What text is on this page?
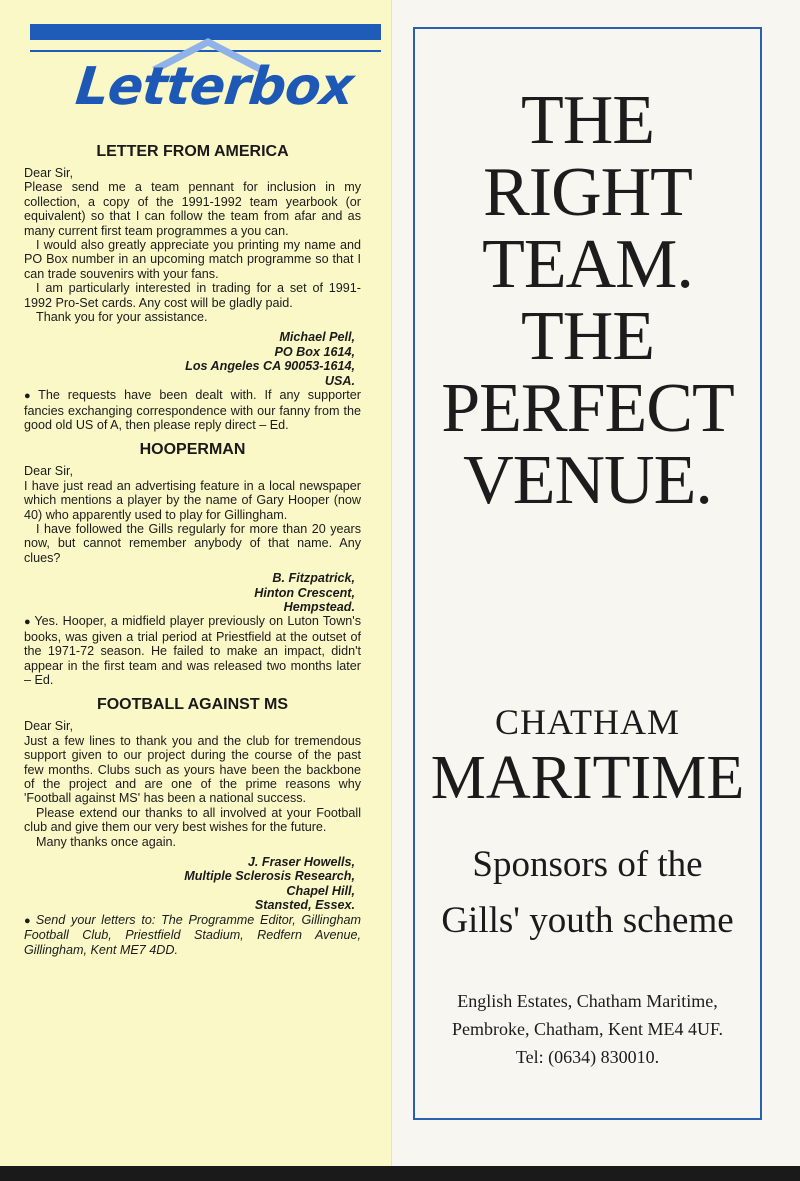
Letterbox
LETTER FROM AMERICA

Dear Sir,

Please send me a team pennant for inclusion in my collection, a copy of the 1991-1992 team yearbook (or equivalent) so that I can follow the team from afar and as many current first team programmes a you can.

I would also greatly appreciate you printing my name and PO Box number in an upcoming match programme so that I can trade souvenirs with your fans.

I am particularly interested in trading for a set of 1991-1992 Pro-Set cards. Any cost will be gladly paid.

Thank you for your assistance.

Michael Pell,
PO Box 1614,
Los Angeles CA 90053-1614,
USA.

● The requests have been dealt with. If any supporter fancies exchanging correspondence with our fanny from the good old US of A, then please reply direct – Ed.

HOOPERMAN

Dear Sir,

I have just read an advertising feature in a local newspaper which mentions a player by the name of Gary Hooper (now 40) who apparently used to play for Gillingham.

I have followed the Gills regularly for more than 20 years now, but cannot remember anybody of that name. Any clues?

B. Fitzpatrick,
Hinton Crescent,
Hempstead.

● Yes. Hooper, a midfield player previously on Luton Town's books, was given a trial period at Priestfield at the outset of the 1971-72 season. He failed to make an impact, didn't appear in the first team and was released two months later – Ed.

FOOTBALL AGAINST MS

Dear Sir,

Just a few lines to thank you and the club for tremendous support given to our project during the course of the past few months. Clubs such as yours have been the backbone of the project and are one of the prime reasons why 'Football against MS' has been a national success.

Please extend our thanks to all involved at your Football club and give them our very best wishes for the future.

Many thanks once again.

J. Fraser Howells,
Multiple Sclerosis Research,
Chapel Hill,
Stansted, Essex.

● Send your letters to: The Programme Editor, Gillingham Football Club, Priestfield Stadium, Redfern Avenue, Gillingham, Kent ME7 4DD.

THE
RIGHT
TEAM.
THE
PERFECT
VENUE.
CHATHAM
MARITIME
Sponsors of the
Gills' youth scheme
English Estates, Chatham Maritime,
Pembroke, Chatham, Kent ME4 4UF.
Tel: (0634) 830010.
